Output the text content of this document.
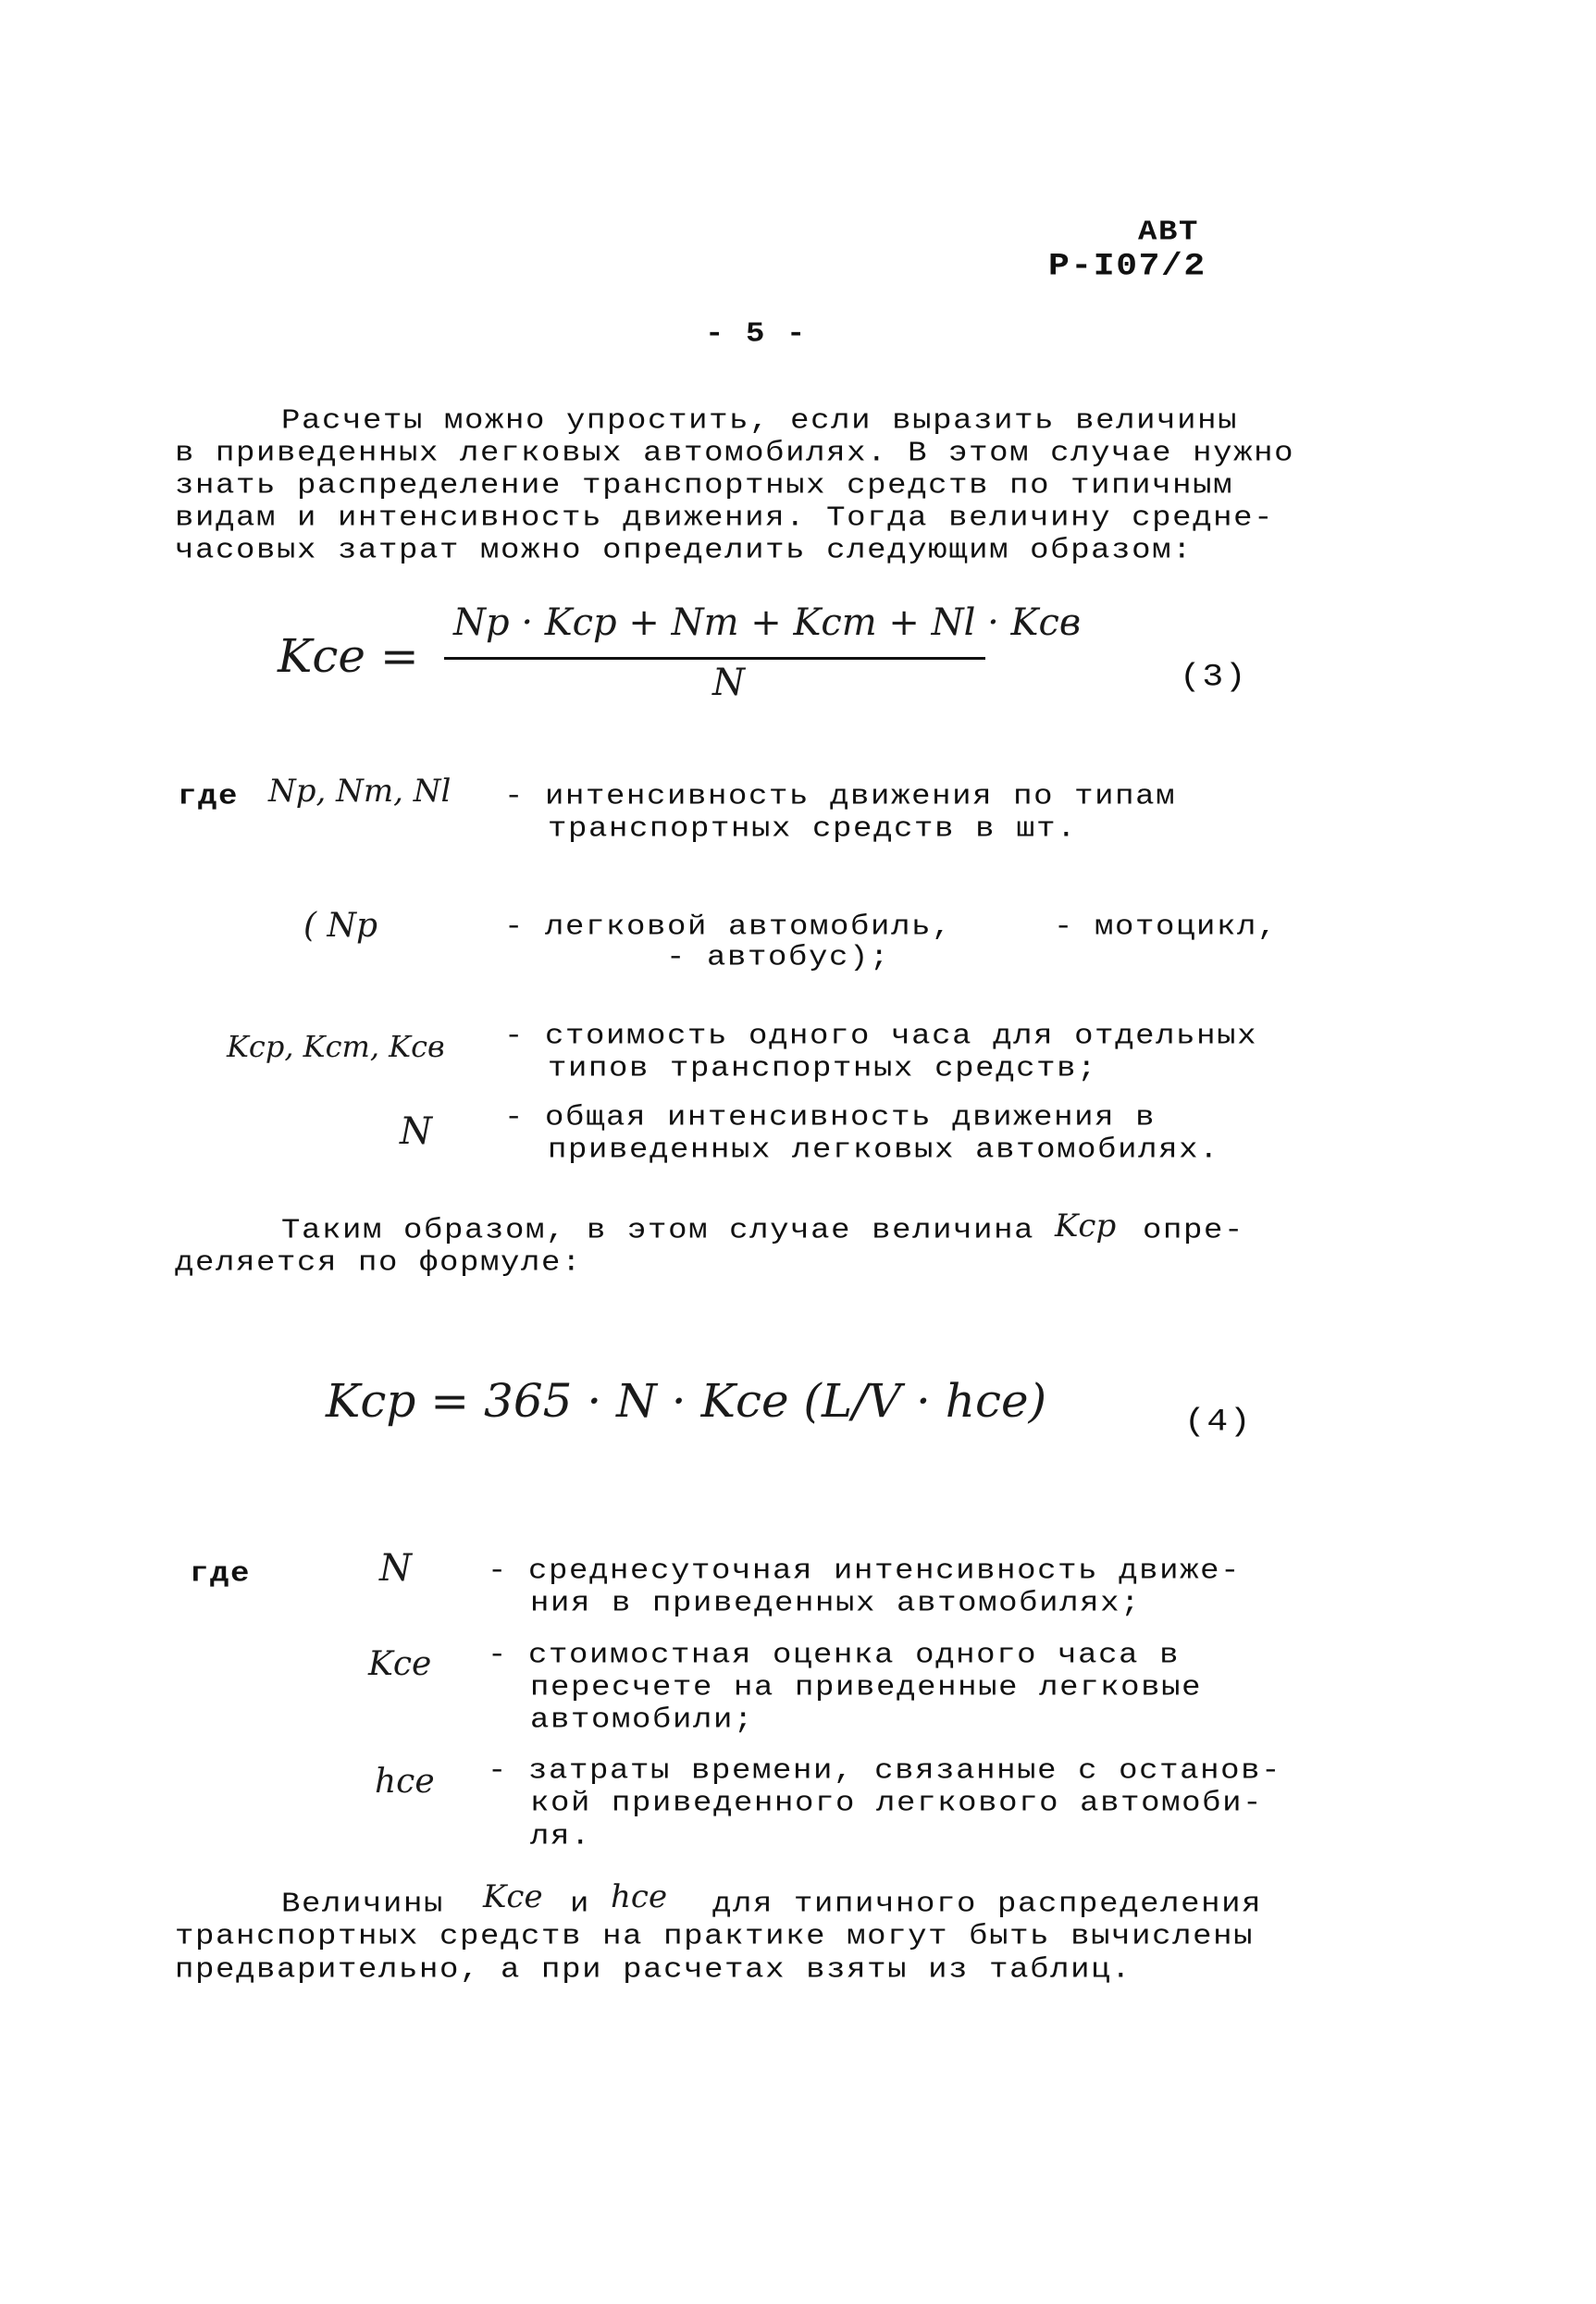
АВТ
Р-I07/2
- 5 -
Расчеты можно упростить, если выразить величины
в приведенных легковых автомобилях. В этом случае нужно
знать распределение транспортных средств по типичным
видам и интенсивность движения. Тогда величину средне-
часовых затрат можно определить следующим образом:
Kce =
Np · Kcp + Nm + Kcm + Nl · Kcв
N	(3)
где Np, Nm, Nl - интенсивность движения по типам
транспортных средств в шт.
( Np	- легковой автомобиль,	- мотоцикл,
- автобус);
Kcp, Kcm, Kcв - стоимость одного часа для отдельных
типов транспортных средств;
N - общая интенсивность движения в
приведенных легковых автомобилях.
Таким образом, в этом случае величина Kcp опре-
деляется по формуле:
Kcp = 365 · N · Kce (L/V · hce)	(4)
где	N - среднесуточная интенсивность движе-
ния в приведенных автомобилях;
Kce - стоимостная оценка одного часа в
пересчете на приведенные легковые
автомобили;
hce - затраты времени, связанные с останов-
кой приведенного легкового автомоби-
ля.
Величины Kce и hce для типичного распределения
транспортных средств на практике могут быть вычислены
предварительно, а при расчетах взяты из таблиц.
